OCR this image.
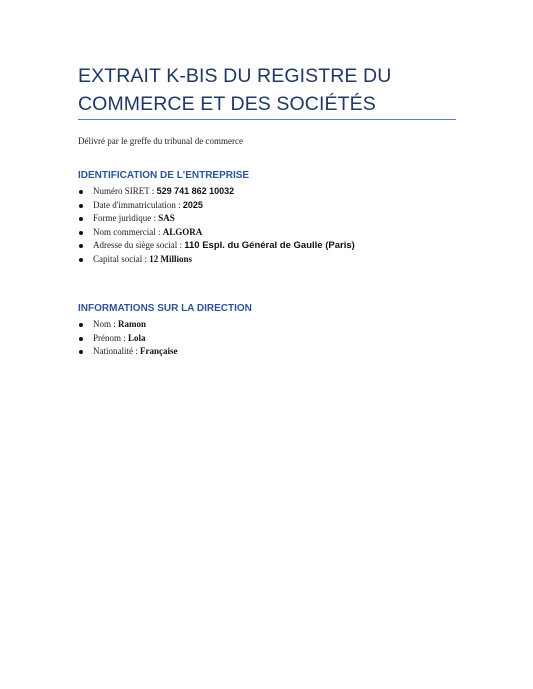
EXTRAIT K-BIS DU REGISTRE DU COMMERCE ET DES SOCIÉTÉS
Délivré par le greffe du tribunal de commerce
IDENTIFICATION DE L'ENTREPRISE
Numéro SIRET : 529 741 862 10032
Date d'immatriculation : 2025
Forme juridique : SAS
Nom commercial : ALGORA
Adresse du siège social : 110 Espl. du Général de Gaulle (Paris)
Capital social : 12 Millions
INFORMATIONS SUR LA DIRECTION
Nom : Ramon
Prénom : Lola
Nationalité : Française
